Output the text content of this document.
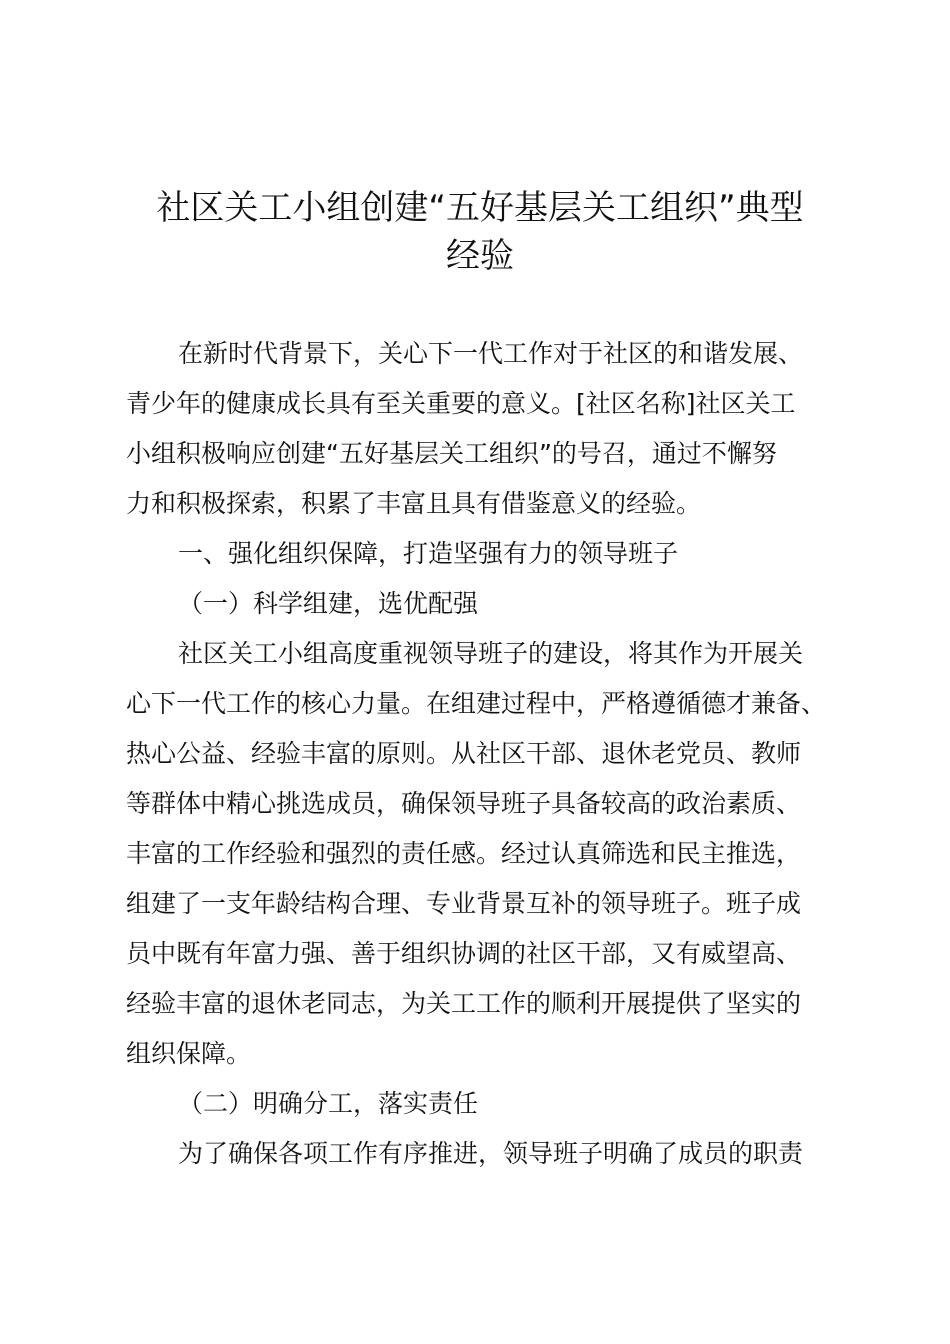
社区关工小组创建“五好基层关工组织”典型
经验

在新时代背景下，关心下一代工作对于社区的和谐发展、

青少年的健康成长具有至关重要的意义。[社区名称]社区关工

小组积极响应创建“五好基层关工组织”的号召，通过不懈努

力和积极探索，积累了丰富且具有借鉴意义的经验。

一、强化组织保障，打造坚强有力的领导班子

（一）科学组建，选优配强

社区关工小组高度重视领导班子的建设，将其作为开展关

心下一代工作的核心力量。在组建过程中，严格遵循德才兼备、

热心公益、经验丰富的原则。从社区干部、退休老党员、教师

等群体中精心挑选成员，确保领导班子具备较高的政治素质、

丰富的工作经验和强烈的责任感。经过认真筛选和民主推选，

组建了一支年龄结构合理、专业背景互补的领导班子。班子成

员中既有年富力强、善于组织协调的社区干部，又有威望高、

经验丰富的退休老同志，为关工工作的顺利开展提供了坚实的

组织保障。

（二）明确分工，落实责任

为了确保各项工作有序推进，领导班子明确了成员的职责
